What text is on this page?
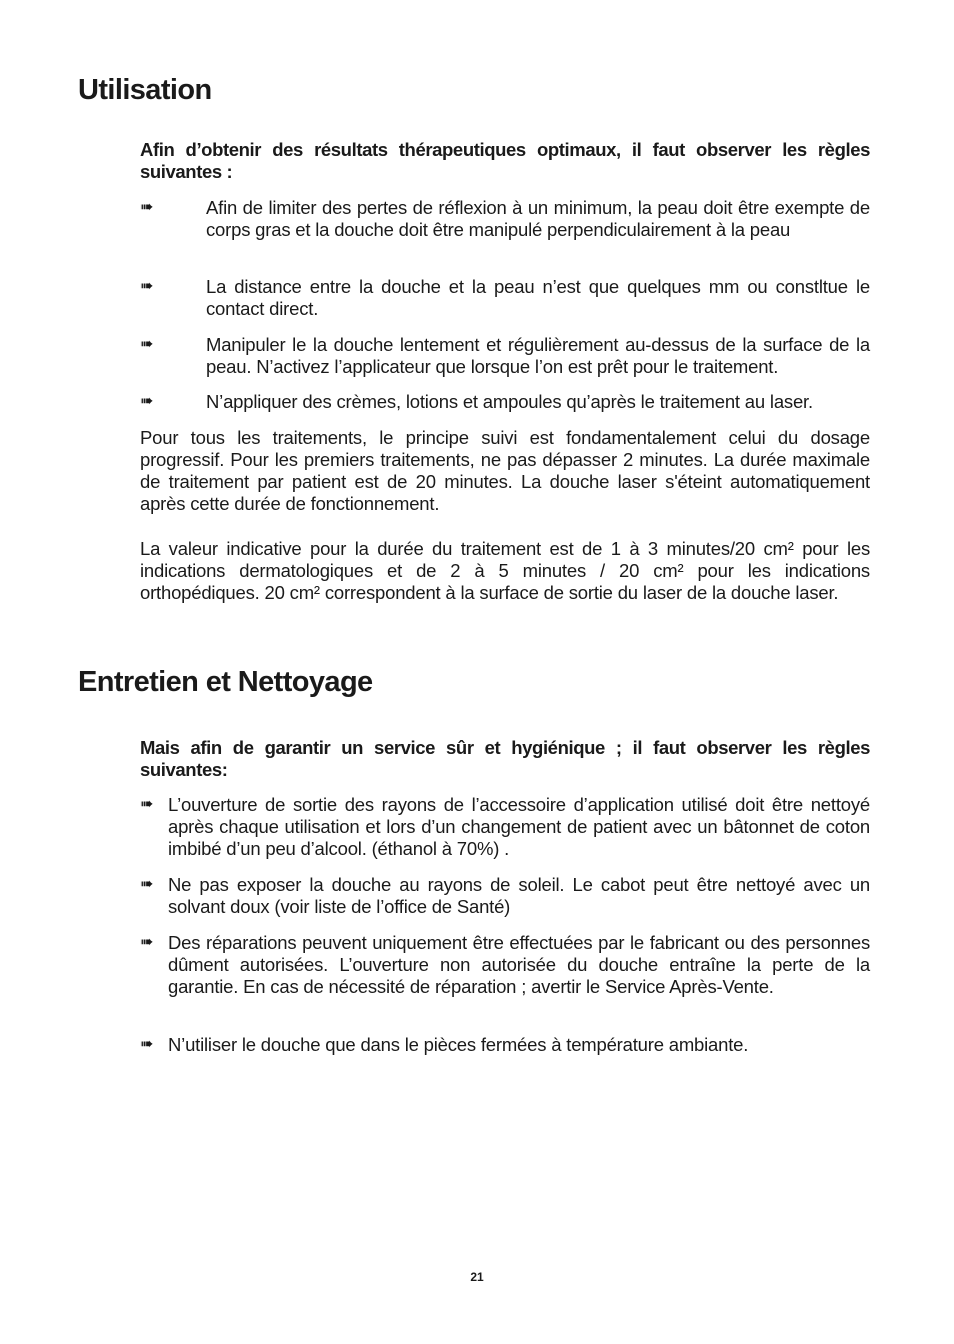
Utilisation

Afin d’obtenir des résultats thérapeutiques optimaux, il faut observer les règles suivantes :

➠	Afin de limiter des pertes de réflexion à un minimum, la peau doit être exempte de corps gras et la douche doit être manipulé perpendiculairement à la peau
➠	La distance entre la douche et la peau n’est que quelques mm ou constltue le contact direct.
➠	Manipuler le la douche lentement et régulièrement au-dessus de la surface de la peau. N’activez l’applicateur que lorsque l’on est prêt pour le traitement.
➠	N’appliquer des crèmes, lotions et ampoules qu’après le traitement au laser.

Pour tous les traitements, le principe suivi est fondamentalement celui du dosage progressif. Pour les premiers traitements, ne pas dépasser 2 minutes. La durée maximale de traitement par patient est de 20 minutes. La douche laser s'éteint automatiquement après cette durée de fonctionnement.

La valeur indicative pour la durée du traitement est de 1 à 3 minutes/20 cm² pour les indications dermatologiques et de 2 à 5 minutes / 20 cm² pour les indications orthopédiques. 20 cm² correspondent à la surface de sortie du laser de la douche laser.

Entretien et Nettoyage

Mais afin de garantir un service sûr et hygiénique ; il faut observer les règles suivantes:

➠ L’ouverture de sortie des rayons de l’accessoire d’application utilisé doit être nettoyé après chaque utilisation et lors d’un changement de patient avec un bâtonnet de coton imbibé d’un peu d’alcool. (éthanol à 70%) .
➠ Ne pas exposer la douche au rayons de soleil. Le cabot peut être nettoyé avec un solvant doux (voir liste de l’office de Santé)
➠ Des réparations peuvent uniquement être effectuées par le fabricant ou des personnes dûment autorisées. L’ouverture non autorisée du douche entraîne la perte de la garantie. En cas de nécessité de réparation ; avertir le Service Après-Vente.
➠ N’utiliser le douche que dans le pièces fermées à température ambiante.
21
